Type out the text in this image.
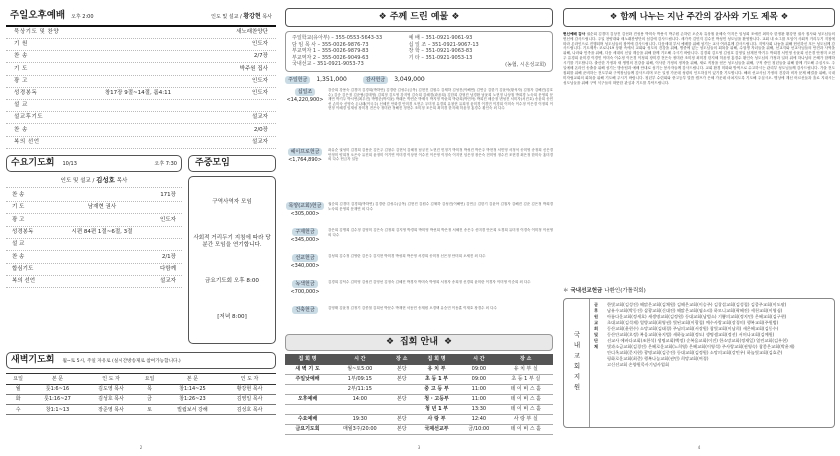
주일오후예배 오후 2:00	인도 및 설교 / 황강현 목사
묵상기도 및 찬양	새노래찬양단
기 원	인도자
찬 송	2/7장
기 도	박주원 집사
광 고	인도자
성경봉독	창17장 9절~14절, 롬4:11	인도자
설 교
설교후기도	설교자
찬 송	2/0장
복의 선언	설교자
수요기도회 10/13	오후 7:30
인도 및 설교 / 김성호 목사
찬 송	171장
기 도	남재현 권사
광 고	인도자
성경봉독	시편 84편 1절~6절, 3절
설 교
찬 송	2/1장
합심기도	다함께
복의 선언	설교자
주중모임
구역사역자 모임
사회적 거리두기 지침에 따라 당분간 모임을 연기합니다.
금요기도회 오후 8:00
[저녁 8:00]
새벽기도회 월~토 5시, 주일 자유로 (실시간방송제로 참여가능합니다.)
요일	본 문	인 도 자	요일	본 문	인 도 자
월	룻1:6~16	김도영 목사	목	창1:14~25	황강현 목사
화	룻1:16~27	김성호 목사	금	창1:26~23	김영일 목사
수	창1:1~13	장준영 목사	토	빌립보서 강해	김성호 목사
2
❖ 주께 드린 예물 ❖
주일학교(유아부) – 355-0553-5643-33
담 임 목 사 – 355-0026-9876-73
부교역자 1 – 355-0026-9879-83
부교역자 2 – 355-0026-9049-63
국내선교 – 351-0921-9053-73
예 배 – 351-0921-9061-93
십 일 조 – 351-0921-9067-13
장 학 – 351-0921-9063-83
기 타 – 351-0921-9053-13
(농협, 시온성교회)
주일헌금	1,351,000	감사헌금	3,049,000
십일조
<14,220,900>
강순희 강용숙 김경미 김경희(박하연) 김경란 김성수(금목) 김현진 김원수 김채하 김성진(이해연) 김연금 김한기 김윤아(황석자) 김철자 김해진(김호수) 김준 김은정 김준협(김태영) 김희정 김도영 강지영 김숙희 김혜경(곽윤희) 김한희 강형진 남경환 남윤희 노현정 나상철 박희경 노숙희 문영희 문재연 박기두 박시연(최우진) 박병준(박지윤) 박래은 박민순 박제식 박지영 박윤희 박관희(박민아) 박희진 배순정 변성진 서미자(서진호) 송윤희 송민선 손미숙 신영숙 손나래(이국주) 신혜진 안화경 안미경 오현주 우미정 유경희 유창현 유희정 윤미경 이경민 이경희 이미숙 이수정 이은경 이정희 이현정 이혜경 임재성 장미경 전은숙 정미란 정해진 정현수 조미정 조은희 최미경 한지혜 허윤정 홍경수 황인숙 외 다수
헤이프로헌금
<1,764,890>
곽유순 권성미 김경희 김용준 김은주 김창수 김현석 김혜정 남궁진 노현진 민정기 박미정 박성진 박은주 박현정 서민영 서정석 송미영 송정희 신은경 안정미 양희정 오은숙 유진희 윤정미 이기연 이미경 이상현 이수진 이은영 이정숙 이지현 임은정 장은숙 전미영 정수진 조현경 최은정 한미숙 홍미경 외 다수 헌금자 일동
목양(교회)헌금
<305,000>
권순희 김경미 김경희(박하연) 김경란 김성수(금목) 김현진 김원수 김채하 김성진(이해연) 김연금 김한기 김윤아 김철자 김해진 김준 김은정 박희경 노숙희 문영희 문재연 외 다수
구제헌금
<345,000>
강은희 김명희 김수정 김영미 김은숙 김정희 김지영 박경희 박미영 박선희 박은정 서혜진 송은주 신미경 안은희 오경희 유미정 이경숙 이미정 이선영 외 다수
선교헌금
<340,000>
김성희 김수정 김영란 김은주 김지현 박미경 박성희 박은영 서경희 송미정 신은정 안미희 오세진 외 다수
녹색헌금
<700,000>
김경희 김덕수 김미영 김성진 김영선 김정숙 김혜진 박경자 박미숙 박영희 서정자 송희정 신경희 윤미란 이경자 이미영 이순희 외 다수
건축헌금	김영태 김윤정 김정기 김종철 김희선 박문수 박재현 서동민 송재원 오경택 유승민 이동훈 이재호 장경수 외 다수
❖ 집회 안내 ❖
집 회 명	시 간	장 소	집 회 명	시 간	장 소
새 벽 기 도	월~토5:00	본당	유 치 부	09:00	유 치 부 실
주일낮예배	1부/09:15	본당	초 등 1 부	09:00	초 등 1 부 실
	2부/11:15		중 고 등 부	11:00	데 이 비 스 홀
오후예배	14:00	본당	청 · 고등부	11:00	데 이 비 스 홀
			청 년 1 부	13:30	데 이 비 스 홀
수요예배	19:30	본당	사 랑 부	12:40	사 랑 부 실
금요기도회	매월3주/20:00	본당	국제선교부	금/10:00	데 이 비 스 홀
3
❖ 함께 나누는 지난 주간의 감사와 기도 제목 ❖
헌신예배 감사 권순희 김경미 김상진 김선화 진성용 박미숙 박용식 박주원 손하린 오순옥 유상철 윤혜숙 이지은 임성희 조예진 최미숙 한정완 황강현 권사 집사와 성도님들의 헌신에 감사드립니다. 주일 찬양대와 새노래찬양단의 섬김에 감사드립니다. 새가족 김민지 김수진 박성민 성도님을 환영합니다. 교회 내 소그룹 모임이 사회적 거리두기 지침에 따라 온라인으로 진행되며 성도님들의 참여에 감사드립니다. 다음세대 부서 예배를 위해 섬기는 교사 여러분께 감사드립니다. 지역사회 나눔을 위해 헌신하신 모든 성도님께 감사드립니다. 기도제목: 코로나19 상황 속에서 교회와 성도의 건강을 위해, 병중에 있는 성도님들의 회복을 위해, 수험생 자녀들을 위해, 선교지와 선교사님들의 안전과 사역을 위해, 나라와 민족을 위해, 다음 세대의 신앙 계승을 위해 함께 기도해 주시기 바랍니다. 김경희 김도영 김성호 김영일 남재현 박기두 박희경 서민영 송윤희 신은경 안정미 오현주 유경희 윤미경 이경민 이미숙 이수정 이은경 이정희 장미경 전은숙 정미란 조미정 최미경 한지혜 허윤정 홍경수 황인숙 성도님의 가정과 일터 위에 하나님의 은혜가 함께하시기를 기도합니다. 출산한 가정과 새 생명의 건강을 위해, 이사한 가정의 정착을 위해, 새로 직장을 얻은 성도님들을 위해, 구직 중인 청년들을 위해 함께 기도해 주십시오. 주일예배 온라인 송출을 위해 섬기는 방송팀과 예배 안내로 섬기는 봉사자들께 감사드립니다. 교회 환경 미화와 방역으로 수고하시는 관리부 성도님들께 감사드립니다. 가을 전도 집회를 위해 준비하는 전도부와 구역장님들께 감사드리며 모든 일정 가운데 성령의 인도하심이 있기를 기도합니다. 해외 선교사님 가정의 건강과 비자 문제 해결을 위해, 국내 미자립교회의 회복을 위해 기도해 주시기 바랍니다. 청년부 수련회와 중고등부 말씀 캠프가 은혜 가운데 마쳐지도록 기도해 주십시오. 병상에 계신 어르신들과 홀로 지내시는 성도님들을 위해 구역 식구들의 따뜻한 관심과 기도를 부탁드립니다.
＊ 국내선교헌금 나환인(가톨릭회)
국내교회지원
곧	한빛교회(김성진) 해맑은교회(김채원) 김해은교회(이승주) 김창섭교회(김성철) 김종주교회(이도팔)
후	남유수교회(박동진) 삼광교회(신대진) 해맑은교회(염소리) 하모니교회(곽혜진) 세천교회(이영심)
원	아름다운교회(정세호) 새생명교회(김정원) 등대교회(남범소) 기쁨의교회(정지민) 은혜교회(김구현)
교	초대교회(김석제) 열방교회(최영권) 빛된교회(이광철) 예수사랑교회(장경미) 행복교회(주원범)
회	동산교회(윤현수) 소망교회(김태경) 주님의교회(서장원) 참빛교회(이남희) 새은혜교회(김동수)
및	동산안교회(오정) 복음교회(유지범) 새하늘교회(정도) 생명샘교회(정선) 서머나교회(김예원)
단	선교사 에바다교회(조한석) 생명교회(백정) 순복음교회(이진) 한소망교회(정재일) 열린교회(김우현)
체	빛과소금교회(김경진) 은혜로운교회(노희영) 은혜교회(이영석) 주사랑교회(권영숙) 참좋은교회(박윤재)
안디옥교회(문지현) 광명교회(김중진) 등대교회(김정원) 소망의교회(강민우) 하늘빛교회(김효준)
평화로운교회(최준) 행복나눔교회(권민) 희망교회(여경)
고신선교회 손양원목사기념사업회
4
